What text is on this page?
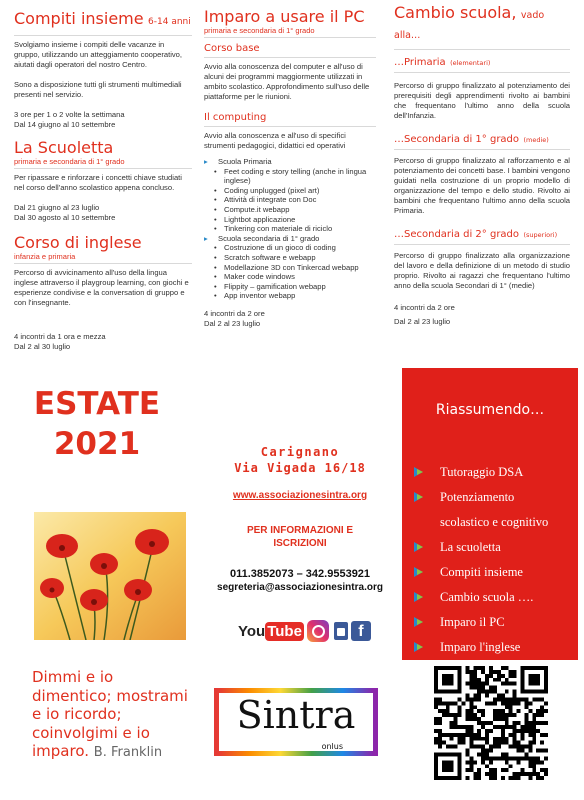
Compiti insieme 6-14 anni

Svolgiamo insieme i compiti delle vacanze in gruppo, utilizzando un atteggiamento cooperativo, aiutati dagli operatori del nostro Centro.

Sono a disposizione tutti gli strumenti multimediali presenti nel servizio.

3 ore per 1 o 2 volte la settimana

Dal 14 giugno al 10 settembre

La Scuoletta
primaria e secondaria di 1° grado

Per ripassare e rinforzare i concetti chiave studiati nel corso dell'anno scolastico appena concluso.

Dal 21 giugno al 23 luglio

Dal 30 agosto al 10 settembre

Corso di inglese
infanzia e primaria

Percorso di avvicinamento all'uso della lingua inglese attraverso il playgroup learning, con giochi e esperienze condivise e la conversation di gruppo e con l'insegnante.

4 incontri da 1 ora e mezza

Dal 2 al 30 luglio

Imparo a usare il PC
primaria e secondaria di 1° grado
Corso base

Avvio alla conoscenza del computer e all'uso di alcuni dei programmi maggiormente utilizzati in ambito scolastico. Approfondimento sull'uso delle piattaforme per le riunioni.

Il computing

Avvio alla conoscenza e all'uso di specifici strumenti pedagogici, didattici ed operativi

▸ Scuola Primaria
• Feet coding e story telling (anche in lingua inglese)
• Coding unplugged (pixel art)
• Attività di integrate con Doc
• Compute.it webapp
• Lightbot applicazione
• Tinkering con materiale di riciclo
▸ Scuola secondaria di 1° grado
• Costruzione di un gioco di coding
• Scratch software e webapp
• Modellazione 3D con Tinkercad webapp
• Maker code windows
• Flippity – gamification webapp
• App inventor webapp

4 incontri da 2 ore

Dal 2 al 23 luglio

Cambio scuola, vado alla…
…Primaria (elementari)

Percorso di gruppo finalizzato al potenziamento dei prerequisiti degli apprendimenti rivolto ai bambini che frequentano l'ultimo anno della scuola dell'Infanzia.

…Secondaria di 1° grado (medie)

Percorso di gruppo finalizzato al rafforzamento e al potenziamento dei concetti base. I bambini vengono guidati nella costruzione di un proprio modello di organizzazione del tempo e dello studio. Rivolto ai bambini che frequentano l'ultimo anno della scuola Primaria.

…Secondaria di 2° grado (superiori)

Percorso di gruppo finalizzato alla organizzazione del lavoro e della definizione di un metodo di studio proprio. Rivolto ai ragazzi che frequentano l'ultimo anno della scuola Secondari di 1° (medie)

4 incontri da 2 ore

Dal 2 al 23 luglio

ESTATE
2021
Dimmi e io dimentico; mostrami e io ricordo; coinvolgimi e io imparo. B. Franklin
Carignano
Via Vigada 16/18
www.associazionesintra.org
PER INFORMAZIONI E
ISCRIZIONI
011.3852073 – 342.9553921
segreteria@associazionesintra.org
You Tube	f
Sintra
onlus
Riassumendo…
Tutoraggio DSA
Potenziamento
scolastico e cognitivo
La scuoletta
Compiti insieme
Cambio scuola ….
Imparo il PC
Imparo l'inglese
